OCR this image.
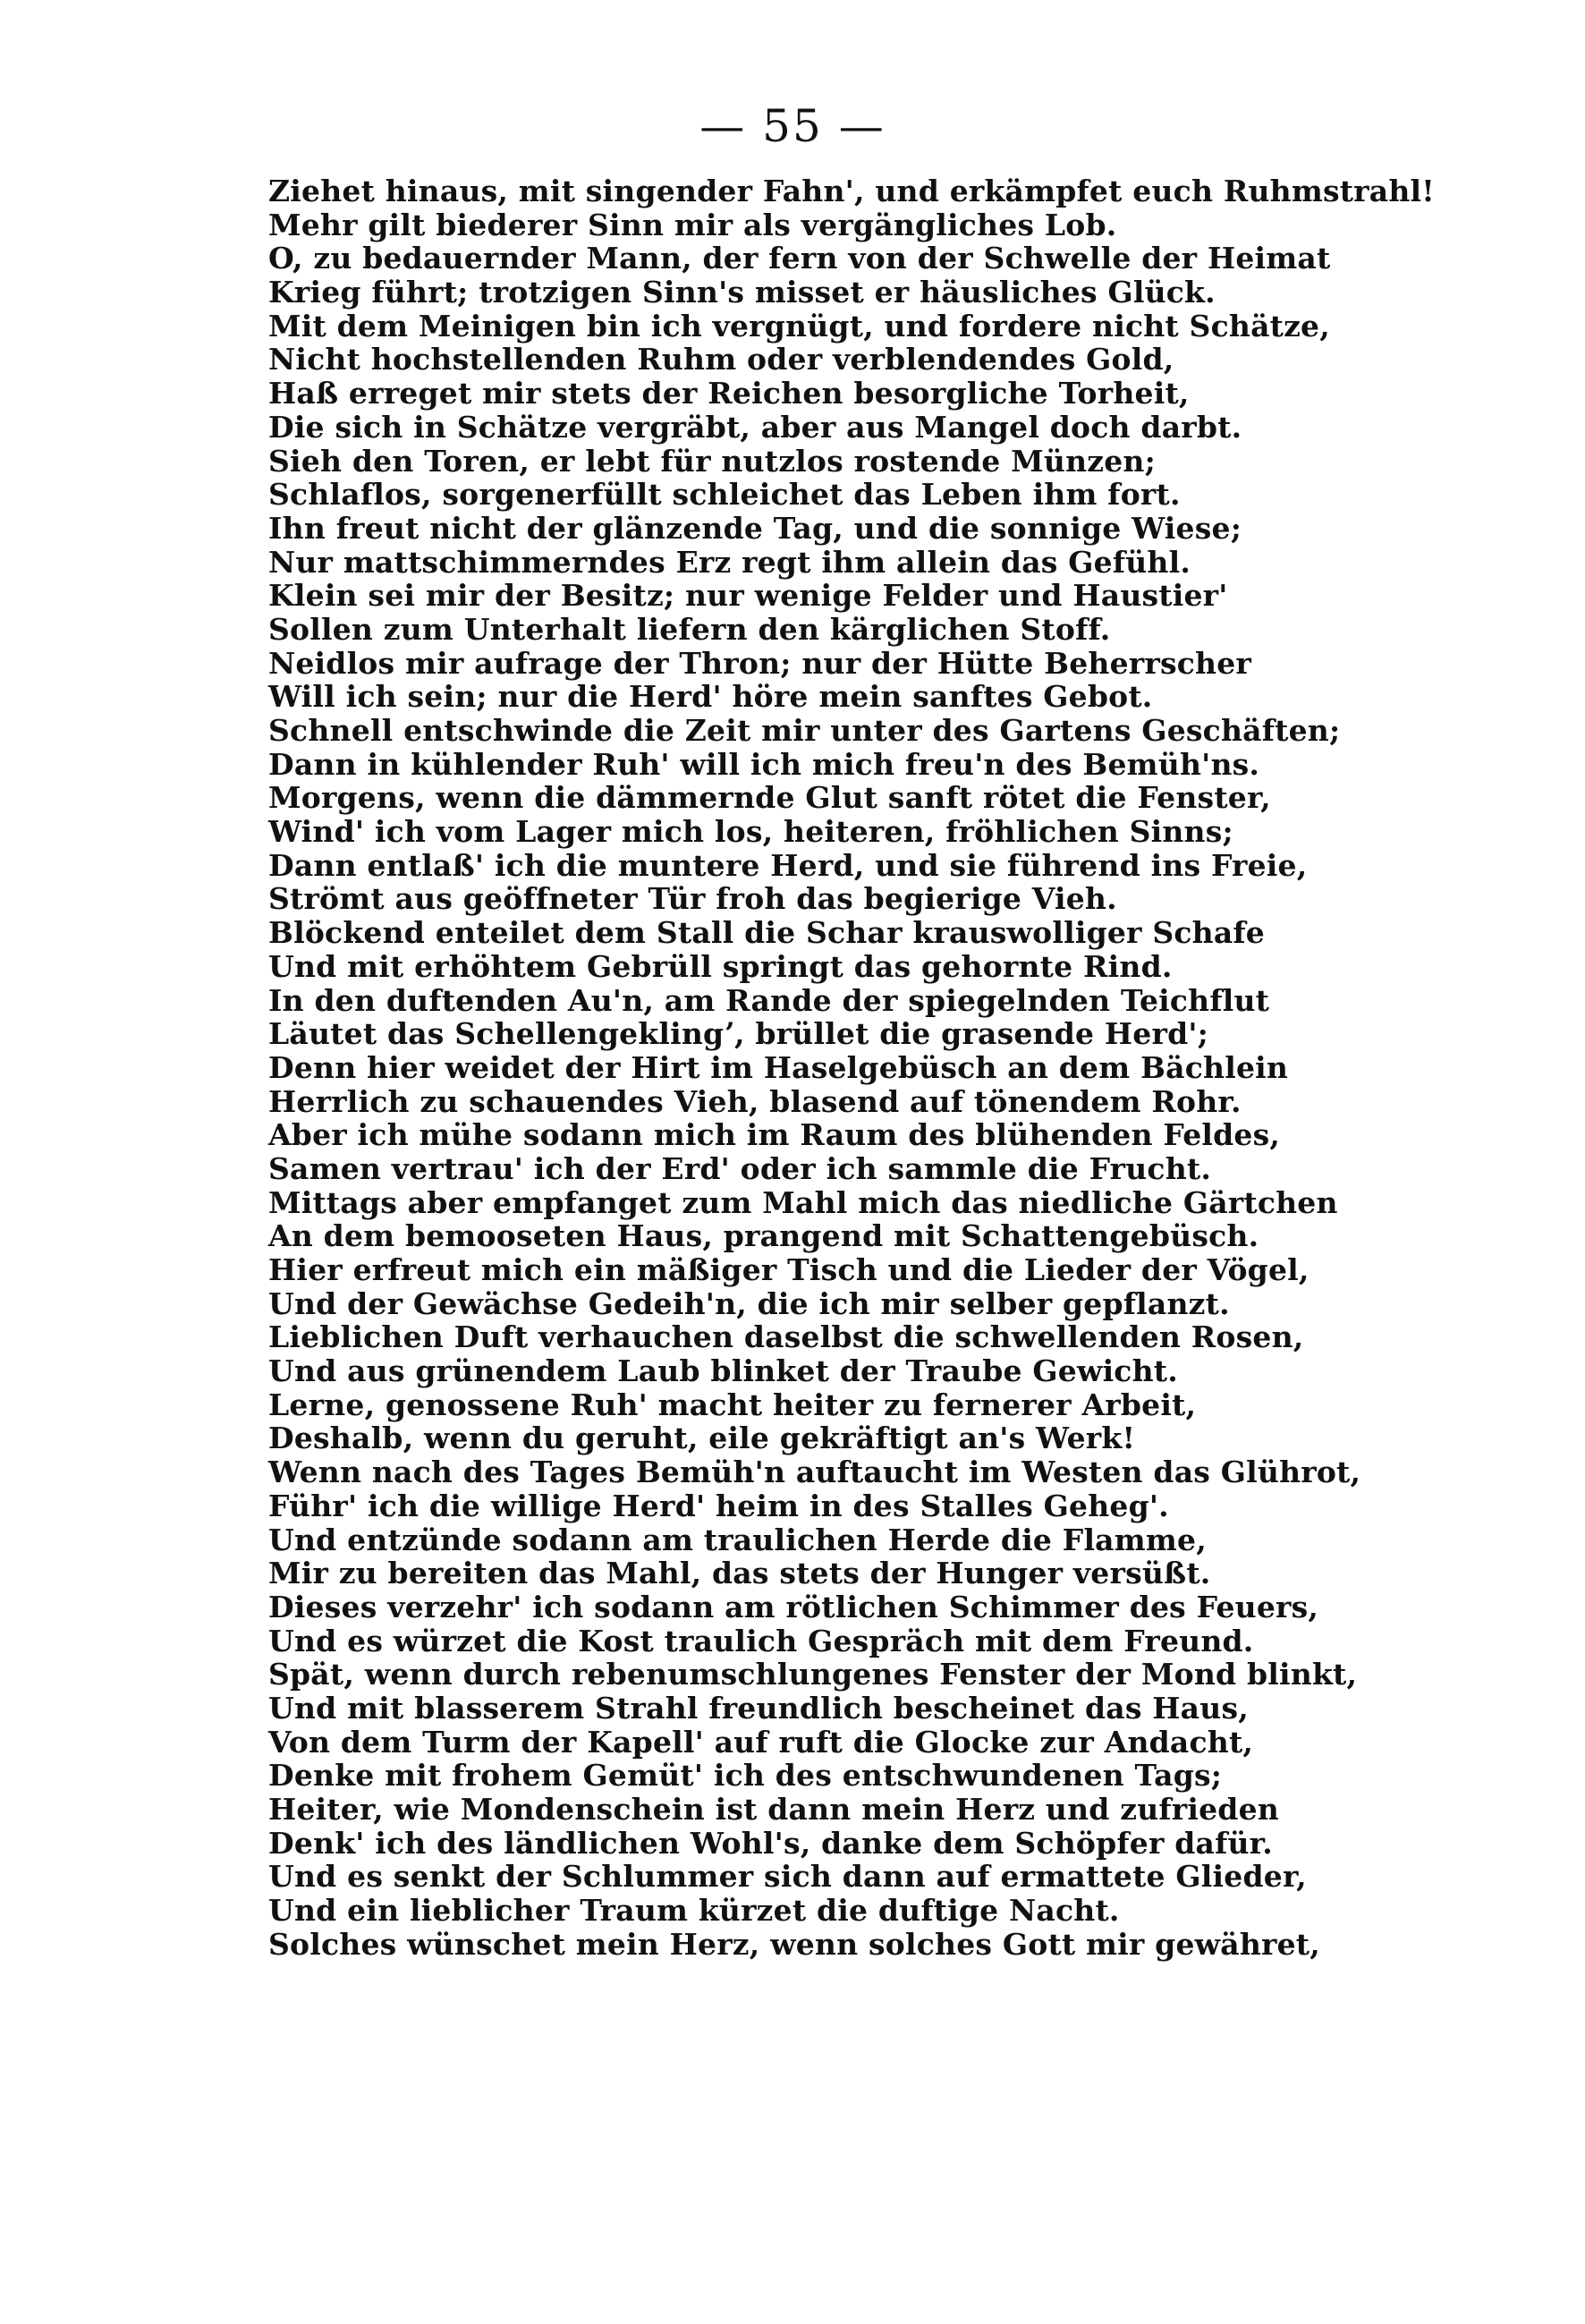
— 55 —
Ziehet hinaus, mit singender Fahn', und erkämpfet euch Ruhmstrahl!
Mehr gilt biederer Sinn mir als vergängliches Lob.
O, zu bedauernder Mann, der fern von der Schwelle der Heimat
Krieg führt; trotzigen Sinn's misset er häusliches Glück.
Mit dem Meinigen bin ich vergnügt, und fordere nicht Schätze,
Nicht hochstellenden Ruhm oder verblendendes Gold,
Haß erreget mir stets der Reichen besorgliche Torheit,
Die sich in Schätze vergräbt, aber aus Mangel doch darbt.
Sieh den Toren, er lebt für nutzlos rostende Münzen;
Schlaflos, sorgenerfüllt schleichet das Leben ihm fort.
Ihn freut nicht der glänzende Tag, und die sonnige Wiese;
Nur mattschimmerndes Erz regt ihm allein das Gefühl.
Klein sei mir der Besitz; nur wenige Felder und Haustier'
Sollen zum Unterhalt liefern den kärglichen Stoff.
Neidlos mir aufrage der Thron; nur der Hütte Beherrscher
Will ich sein; nur die Herd' höre mein sanftes Gebot.
Schnell entschwinde die Zeit mir unter des Gartens Geschäften;
Dann in kühlender Ruh' will ich mich freu'n des Bemüh'ns.
Morgens, wenn die dämmernde Glut sanft rötet die Fenster,
Wind' ich vom Lager mich los, heiteren, fröhlichen Sinns;
Dann entlaß' ich die muntere Herd, und sie führend ins Freie,
Strömt aus geöffneter Tür froh das begierige Vieh.
Blöckend enteilet dem Stall die Schar krauswolliger Schafe
Und mit erhöhtem Gebrüll springt das gehornte Rind.
In den duftenden Au'n, am Rande der spiegelnden Teichflut
Läutet das Schellengeklingʼ, brüllet die grasende Herd';
Denn hier weidet der Hirt im Haselgebüsch an dem Bächlein
Herrlich zu schauendes Vieh, blasend auf tönendem Rohr.
Aber ich mühe sodann mich im Raum des blühenden Feldes,
Samen vertrau' ich der Erd' oder ich sammle die Frucht.
Mittags aber empfanget zum Mahl mich das niedliche Gärtchen
An dem bemooseten Haus, prangend mit Schattengebüsch.
Hier erfreut mich ein mäßiger Tisch und die Lieder der Vögel,
Und der Gewächse Gedeih'n, die ich mir selber gepflanzt.
Lieblichen Duft verhauchen daselbst die schwellenden Rosen,
Und aus grünendem Laub blinket der Traube Gewicht.
Lerne, genossene Ruh' macht heiter zu fernerer Arbeit,
Deshalb, wenn du geruht, eile gekräftigt an's Werk!
Wenn nach des Tages Bemüh'n auftaucht im Westen das Glührot,
Führ' ich die willige Herd' heim in des Stalles Geheg'.
Und entzünde sodann am traulichen Herde die Flamme,
Mir zu bereiten das Mahl, das stets der Hunger versüßt.
Dieses verzehr' ich sodann am rötlichen Schimmer des Feuers,
Und es würzet die Kost traulich Gespräch mit dem Freund.
Spät, wenn durch rebenumschlungenes Fenster der Mond blinkt,
Und mit blasserem Strahl freundlich bescheinet das Haus,
Von dem Turm der Kapell' auf ruft die Glocke zur Andacht,
Denke mit frohem Gemüt' ich des entschwundenen Tags;
Heiter, wie Mondenschein ist dann mein Herz und zufrieden
Denk' ich des ländlichen Wohl's, danke dem Schöpfer dafür.
Und es senkt der Schlummer sich dann auf ermattete Glieder,
Und ein lieblicher Traum kürzet die duftige Nacht.
Solches wünschet mein Herz, wenn solches Gott mir gewähret,
